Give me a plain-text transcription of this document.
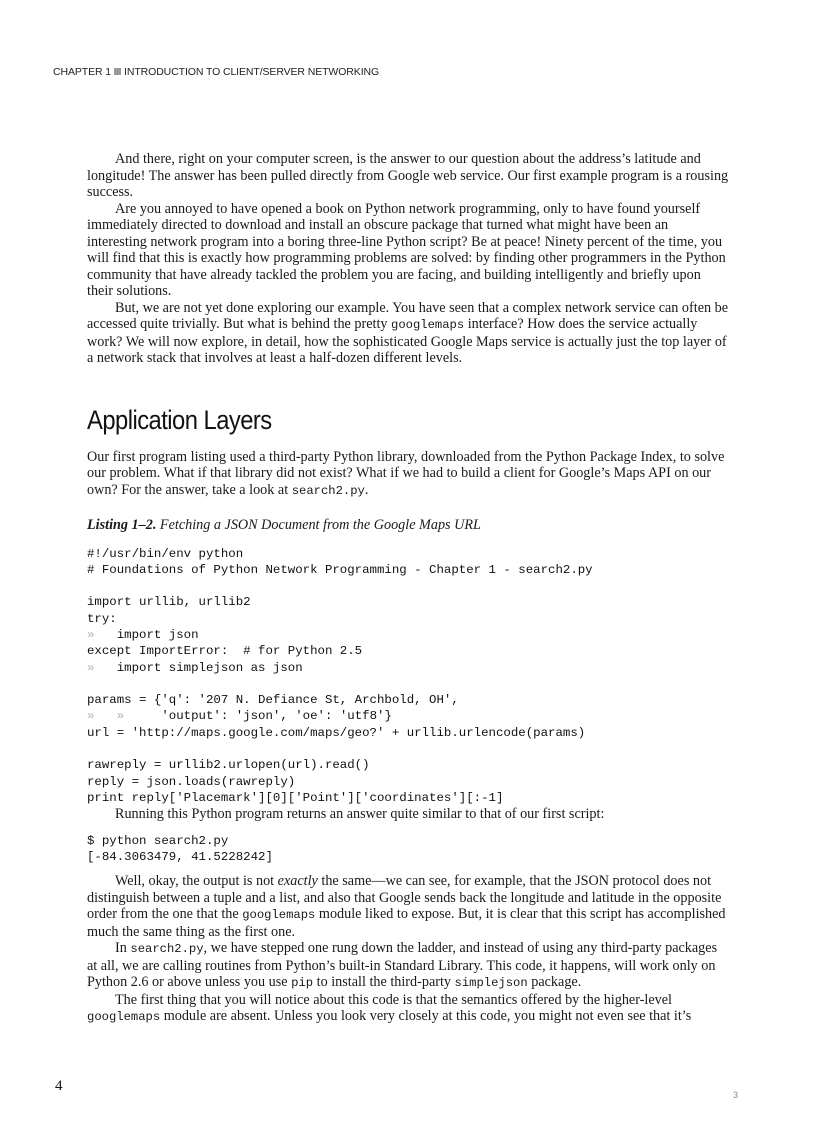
CHAPTER 1 INTRODUCTION TO CLIENT/SERVER NETWORKING

And there, right on your computer screen, is the answer to our question about the address’s latitude and longitude! The answer has been pulled directly from Google web service. Our first example program is a rousing success.

Are you annoyed to have opened a book on Python network programming, only to have found yourself immediately directed to download and install an obscure package that turned what might have been an interesting network program into a boring three-line Python script? Be at peace! Ninety percent of the time, you will find that this is exactly how programming problems are solved: by finding other programmers in the Python community that have already tackled the problem you are facing, and building intelligently and briefly upon their solutions.

But, we are not yet done exploring our example. You have seen that a complex network service can often be accessed quite trivially. But what is behind the pretty googlemaps interface? How does the service actually work? We will now explore, in detail, how the sophisticated Google Maps service is actually just the top layer of a network stack that involves at least a half-dozen different levels.

Application Layers

Our first program listing used a third-party Python library, downloaded from the Python Package Index, to solve our problem. What if that library did not exist? What if we had to build a client for Google’s Maps API on our own? For the answer, take a look at search2.py.

Listing 1–2. Fetching a JSON Document from the Google Maps URL
#!/usr/bin/env python
# Foundations of Python Network Programming - Chapter 1 - search2.py

import urllib, urllib2
try:
» import json
except ImportError:  # for Python 2.5
» import simplejson as json

params = {'q': '207 N. Defiance St, Archbold, OH',
» »	'output': 'json', 'oe': 'utf8'}
url = 'http://maps.google.com/maps/geo?' + urllib.urlencode(params)

rawreply = urllib2.urlopen(url).read()
reply = json.loads(rawreply)
print reply['Placemark'][0]['Point']['coordinates'][:-1]

Running this Python program returns an answer quite similar to that of our first script:

$ python search2.py
[-84.3063479, 41.5228242]

Well, okay, the output is not exactly the same—we can see, for example, that the JSON protocol does not distinguish between a tuple and a list, and also that Google sends back the longitude and latitude in the opposite order from the one that the googlemaps module liked to expose. But, it is clear that this script has accomplished much the same thing as the first one.

In search2.py, we have stepped one rung down the ladder, and instead of using any third-party packages at all, we are calling routines from Python’s built-in Standard Library. This code, it happens, will work only on Python 2.6 or above unless you use pip to install the third-party simplejson package.

The first thing that you will notice about this code is that the semantics offered by the higher-level googlemaps module are absent. Unless you look very closely at this code, you might not even see that it’s

4
3
